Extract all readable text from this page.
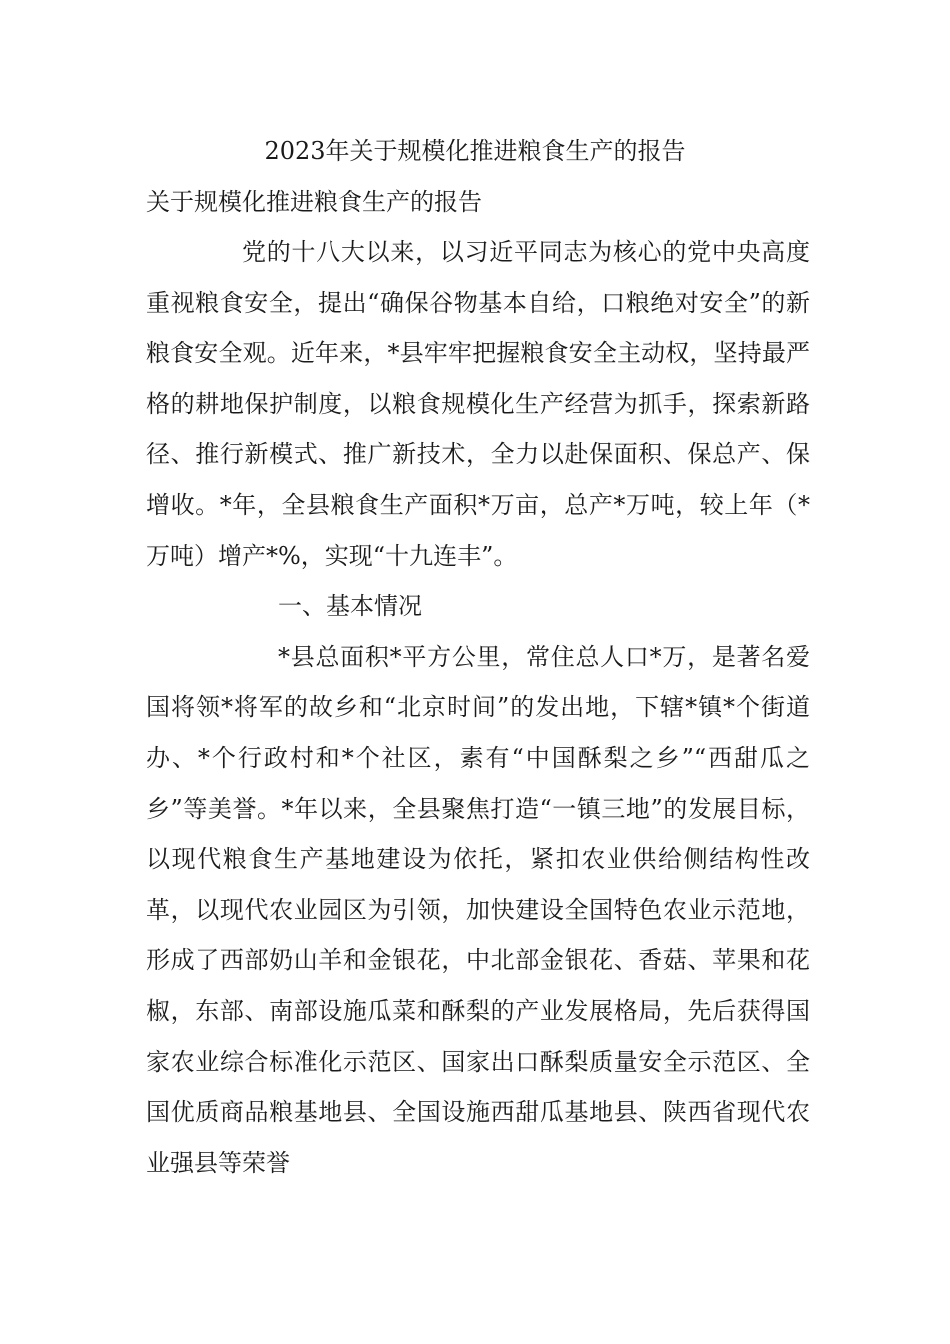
2023年关于规模化推进粮食生产的报告
关于规模化推进粮食生产的报告

党的十八大以来，以习近平同志为核心的党中央高度重视粮食安全，提出“确保谷物基本自给，口粮绝对安全”的新粮食安全观。近年来，*县牢牢把握粮食安全主动权，坚持最严格的耕地保护制度，以粮食规模化生产经营为抓手，探索新路径、推行新模式、推广新技术，全力以赴保面积、保总产、保增收。*年，全县粮食生产面积*万亩，总产*万吨，较上年（*万吨）增产*%，实现“十九连丰”。

一、基本情况

*县总面积*平方公里，常住总人口*万，是著名爱国将领*将军的故乡和“北京时间”的发出地，下辖*镇*个街道办、*个行政村和*个社区，素有“中国酥梨之乡”“西甜瓜之乡”等美誉。*年以来，全县聚焦打造“一镇三地”的发展目标，以现代粮食生产基地建设为依托，紧扣农业供给侧结构性改革，以现代农业园区为引领，加快建设全国特色农业示范地，形成了西部奶山羊和金银花，中北部金银花、香菇、苹果和花椒，东部、南部设施瓜菜和酥梨的产业发展格局，先后获得国家农业综合标准化示范区、国家出口酥梨质量安全示范区、全国优质商品粮基地县、全国设施西甜瓜基地县、陕西省现代农业强县等荣誉
